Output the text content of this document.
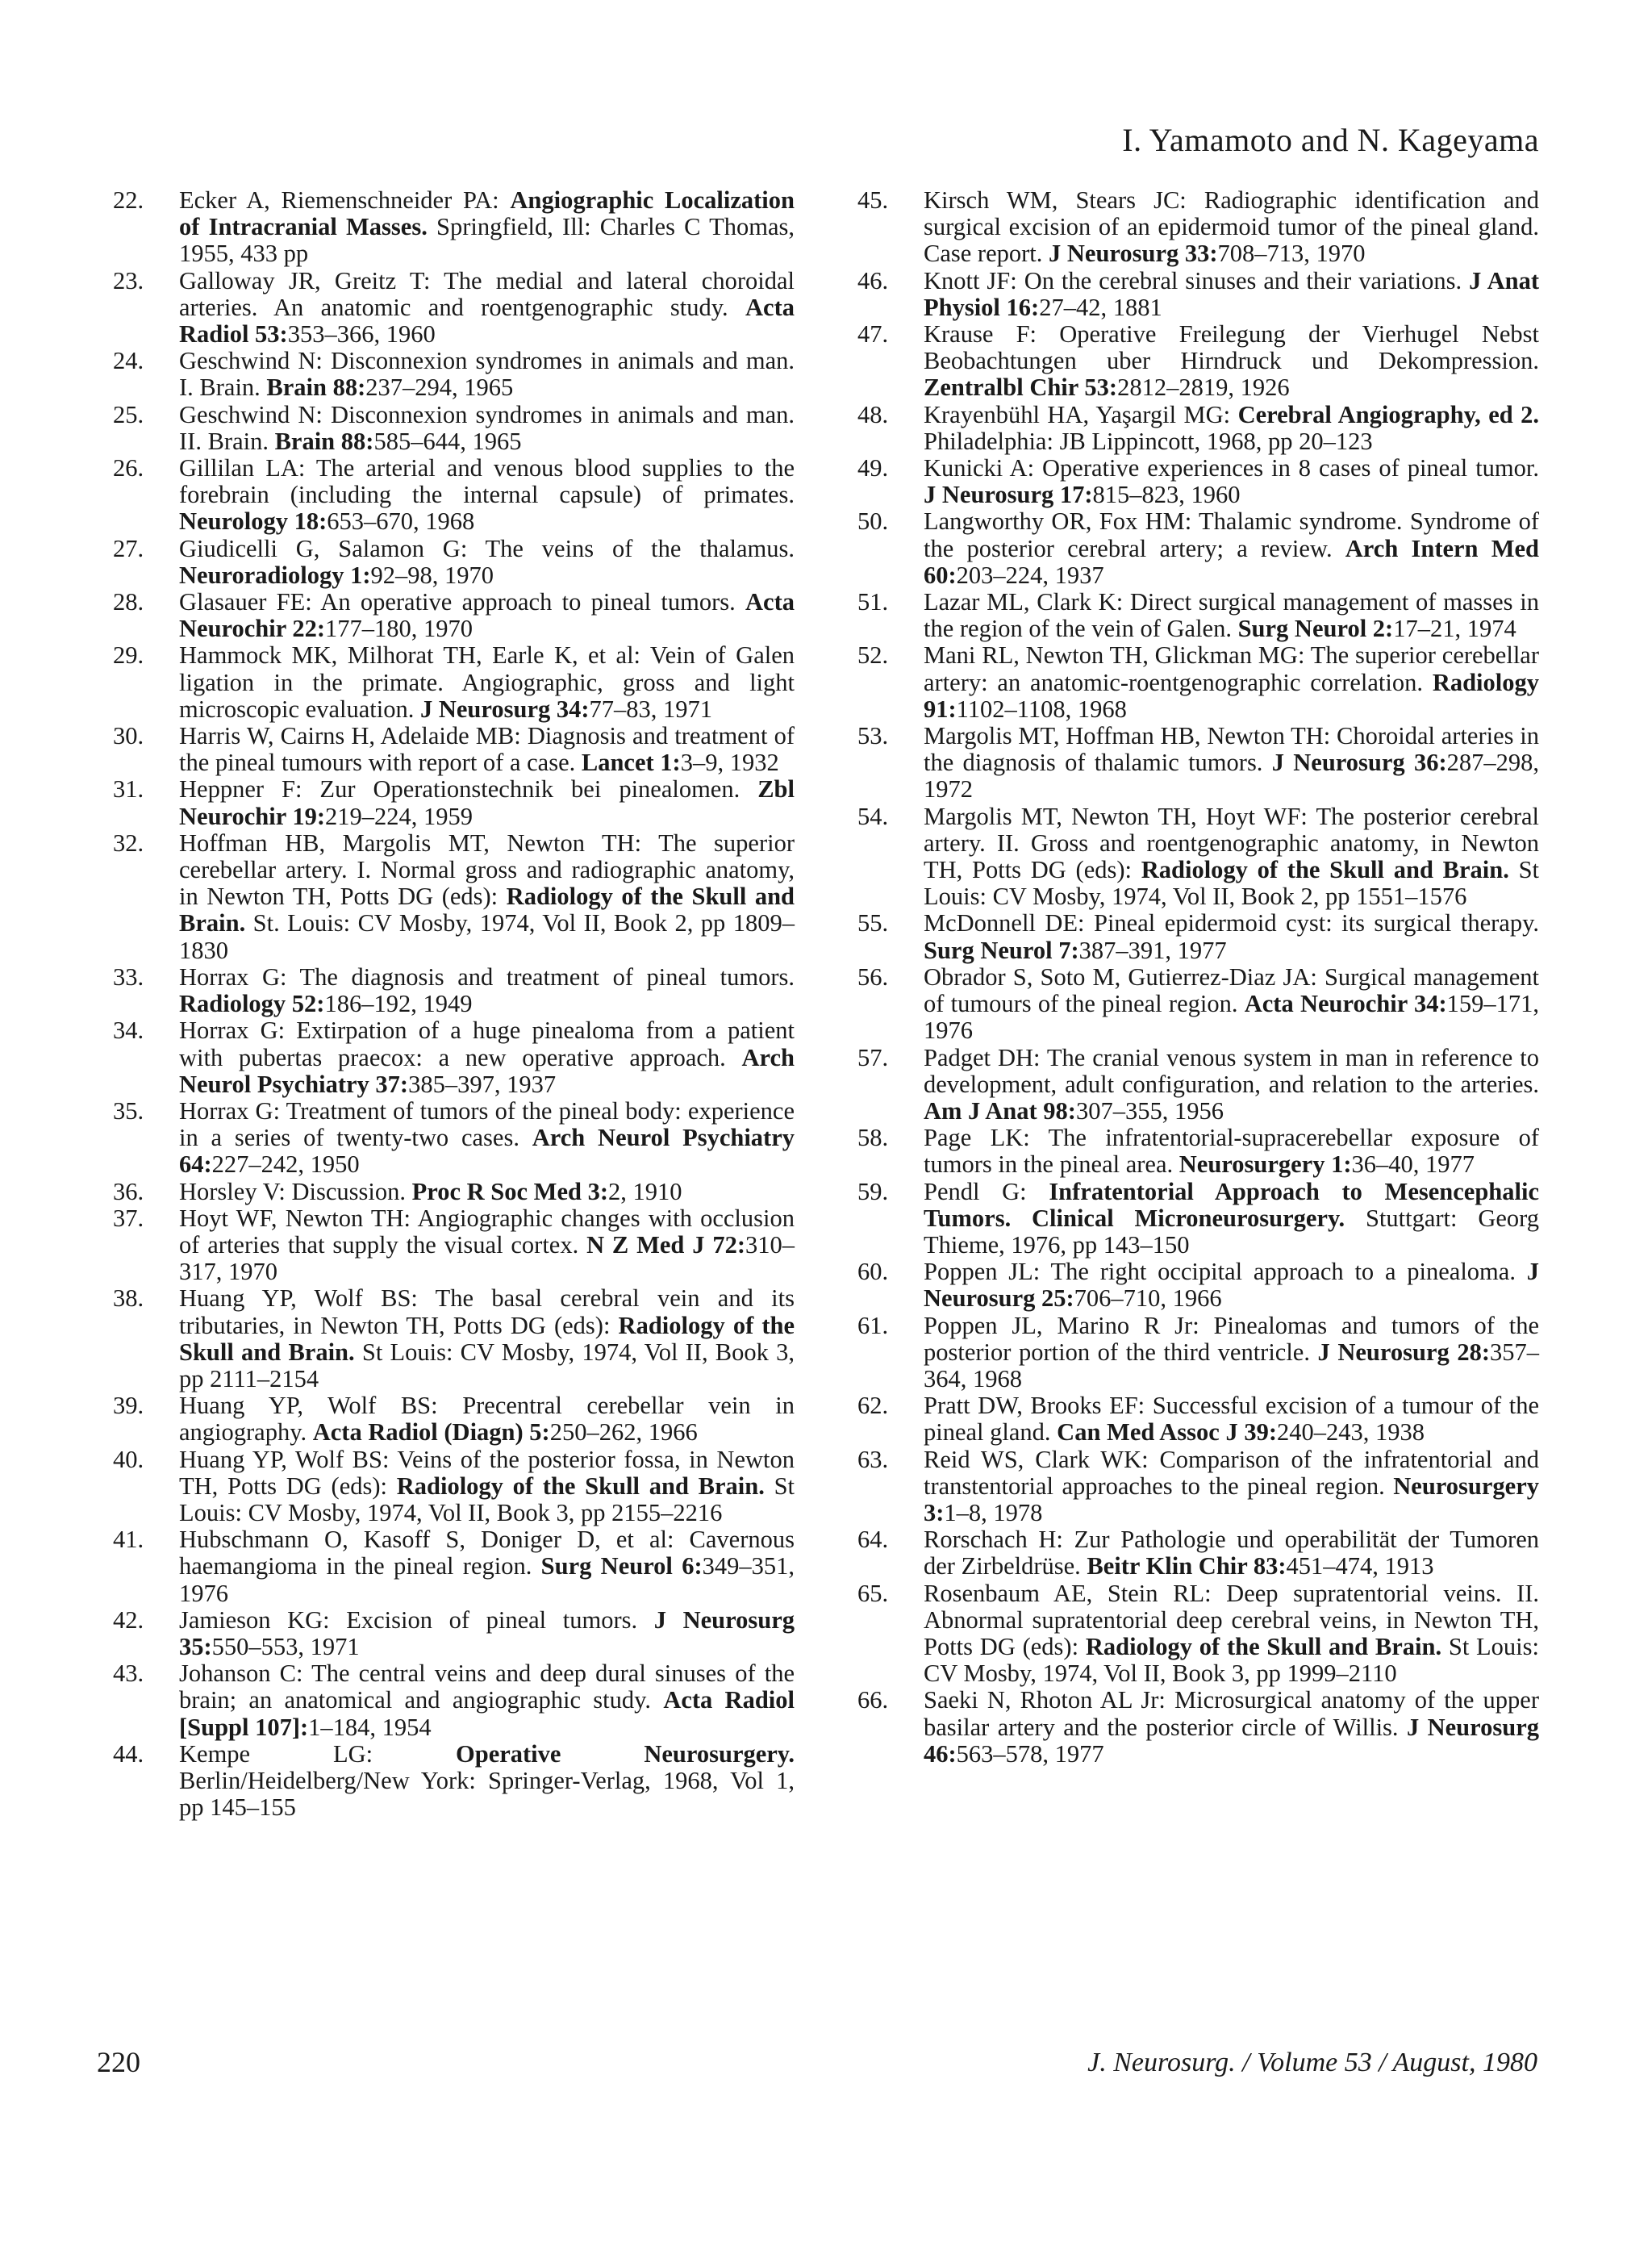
I. Yamamoto and N. Kageyama

22.	Ecker A, Riemenschneider PA: Angiographic Localization of Intracranial Masses. Springfield, Ill: Charles C Thomas, 1955, 433 pp

23.	Galloway JR, Greitz T: The medial and lateral choroidal arteries. An anatomic and roentgenographic study. Acta Radiol 53:353–366, 1960

24.	Geschwind N: Disconnexion syndromes in animals and man. I. Brain. Brain 88:237–294, 1965

25.	Geschwind N: Disconnexion syndromes in animals and man. II. Brain. Brain 88:585–644, 1965

26.	Gillilan LA: The arterial and venous blood supplies to the forebrain (including the internal capsule) of primates. Neurology 18:653–670, 1968

27.	Giudicelli G, Salamon G: The veins of the thalamus. Neuroradiology 1:92–98, 1970

28.	Glasauer FE: An operative approach to pineal tumors. Acta Neurochir 22:177–180, 1970

29.	Hammock MK, Milhorat TH, Earle K, et al: Vein of Galen ligation in the primate. Angiographic, gross and light microscopic evaluation. J Neurosurg 34:77–83, 1971

30.	Harris W, Cairns H, Adelaide MB: Diagnosis and treatment of the pineal tumours with report of a case. Lancet 1:3–9, 1932

31.	Heppner F: Zur Operationstechnik bei pinealomen. Zbl Neurochir 19:219–224, 1959

32.	Hoffman HB, Margolis MT, Newton TH: The superior cerebellar artery. I. Normal gross and radiographic anatomy, in Newton TH, Potts DG (eds): Radiology of the Skull and Brain. St. Louis: CV Mosby, 1974, Vol II, Book 2, pp 1809–1830

33.	Horrax G: The diagnosis and treatment of pineal tumors. Radiology 52:186–192, 1949

34.	Horrax G: Extirpation of a huge pinealoma from a patient with pubertas praecox: a new operative approach. Arch Neurol Psychiatry 37:385–397, 1937

35.	Horrax G: Treatment of tumors of the pineal body: experience in a series of twenty-two cases. Arch Neurol Psychiatry 64:227–242, 1950

36.	Horsley V: Discussion. Proc R Soc Med 3:2, 1910

37.	Hoyt WF, Newton TH: Angiographic changes with occlusion of arteries that supply the visual cortex. N Z Med J 72:310–317, 1970

38.	Huang YP, Wolf BS: The basal cerebral vein and its tributaries, in Newton TH, Potts DG (eds): Radiology of the Skull and Brain. St Louis: CV Mosby, 1974, Vol II, Book 3, pp 2111–2154

39.	Huang YP, Wolf BS: Precentral cerebellar vein in angiography. Acta Radiol (Diagn) 5:250–262, 1966

40.	Huang YP, Wolf BS: Veins of the posterior fossa, in Newton TH, Potts DG (eds): Radiology of the Skull and Brain. St Louis: CV Mosby, 1974, Vol II, Book 3, pp 2155–2216

41.	Hubschmann O, Kasoff S, Doniger D, et al: Cavernous haemangioma in the pineal region. Surg Neurol 6:349–351, 1976

42.	Jamieson KG: Excision of pineal tumors. J Neurosurg 35:550–553, 1971

43.	Johanson C: The central veins and deep dural sinuses of the brain; an anatomical and angiographic study. Acta Radiol [Suppl 107]:1–184, 1954

44.	Kempe LG: Operative Neurosurgery. Berlin/Heidelberg/New York: Springer-Verlag, 1968, Vol 1, pp 145–155

45.	Kirsch WM, Stears JC: Radiographic identification and surgical excision of an epidermoid tumor of the pineal gland. Case report. J Neurosurg 33:708–713, 1970

46.	Knott JF: On the cerebral sinuses and their variations. J Anat Physiol 16:27–42, 1881

47.	Krause F: Operative Freilegung der Vierhugel Nebst Beobachtungen uber Hirndruck und Dekompression. Zentralbl Chir 53:2812–2819, 1926

48.	Krayenbühl HA, Yaşargil MG: Cerebral Angiography, ed 2. Philadelphia: JB Lippincott, 1968, pp 20–123

49.	Kunicki A: Operative experiences in 8 cases of pineal tumor. J Neurosurg 17:815–823, 1960

50.	Langworthy OR, Fox HM: Thalamic syndrome. Syndrome of the posterior cerebral artery; a review. Arch Intern Med 60:203–224, 1937

51.	Lazar ML, Clark K: Direct surgical management of masses in the region of the vein of Galen. Surg Neurol 2:17–21, 1974

52.	Mani RL, Newton TH, Glickman MG: The superior cerebellar artery: an anatomic-roentgenographic correlation. Radiology 91:1102–1108, 1968

53.	Margolis MT, Hoffman HB, Newton TH: Choroidal arteries in the diagnosis of thalamic tumors. J Neurosurg 36:287–298, 1972

54.	Margolis MT, Newton TH, Hoyt WF: The posterior cerebral artery. II. Gross and roentgenographic anatomy, in Newton TH, Potts DG (eds): Radiology of the Skull and Brain. St Louis: CV Mosby, 1974, Vol II, Book 2, pp 1551–1576

55.	McDonnell DE: Pineal epidermoid cyst: its surgical therapy. Surg Neurol 7:387–391, 1977

56.	Obrador S, Soto M, Gutierrez-Diaz JA: Surgical management of tumours of the pineal region. Acta Neurochir 34:159–171, 1976

57.	Padget DH: The cranial venous system in man in reference to development, adult configuration, and relation to the arteries. Am J Anat 98:307–355, 1956

58.	Page LK: The infratentorial-supracerebellar exposure of tumors in the pineal area. Neurosurgery 1:36–40, 1977

59.	Pendl G: Infratentorial Approach to Mesencephalic Tumors. Clinical Microneurosurgery. Stuttgart: Georg Thieme, 1976, pp 143–150

60.	Poppen JL: The right occipital approach to a pinealoma. J Neurosurg 25:706–710, 1966

61.	Poppen JL, Marino R Jr: Pinealomas and tumors of the posterior portion of the third ventricle. J Neurosurg 28:357–364, 1968

62.	Pratt DW, Brooks EF: Successful excision of a tumour of the pineal gland. Can Med Assoc J 39:240–243, 1938

63.	Reid WS, Clark WK: Comparison of the infratentorial and transtentorial approaches to the pineal region. Neurosurgery 3:1–8, 1978

64.	Rorschach H: Zur Pathologie und operabilität der Tumoren der Zirbeldrüse. Beitr Klin Chir 83:451–474, 1913

65.	Rosenbaum AE, Stein RL: Deep supratentorial veins. II. Abnormal supratentorial deep cerebral veins, in Newton TH, Potts DG (eds): Radiology of the Skull and Brain. St Louis: CV Mosby, 1974, Vol II, Book 3, pp 1999–2110

66.	Saeki N, Rhoton AL Jr: Microsurgical anatomy of the upper basilar artery and the posterior circle of Willis. J Neurosurg 46:563–578, 1977

220	J. Neurosurg. / Volume 53 / August, 1980
